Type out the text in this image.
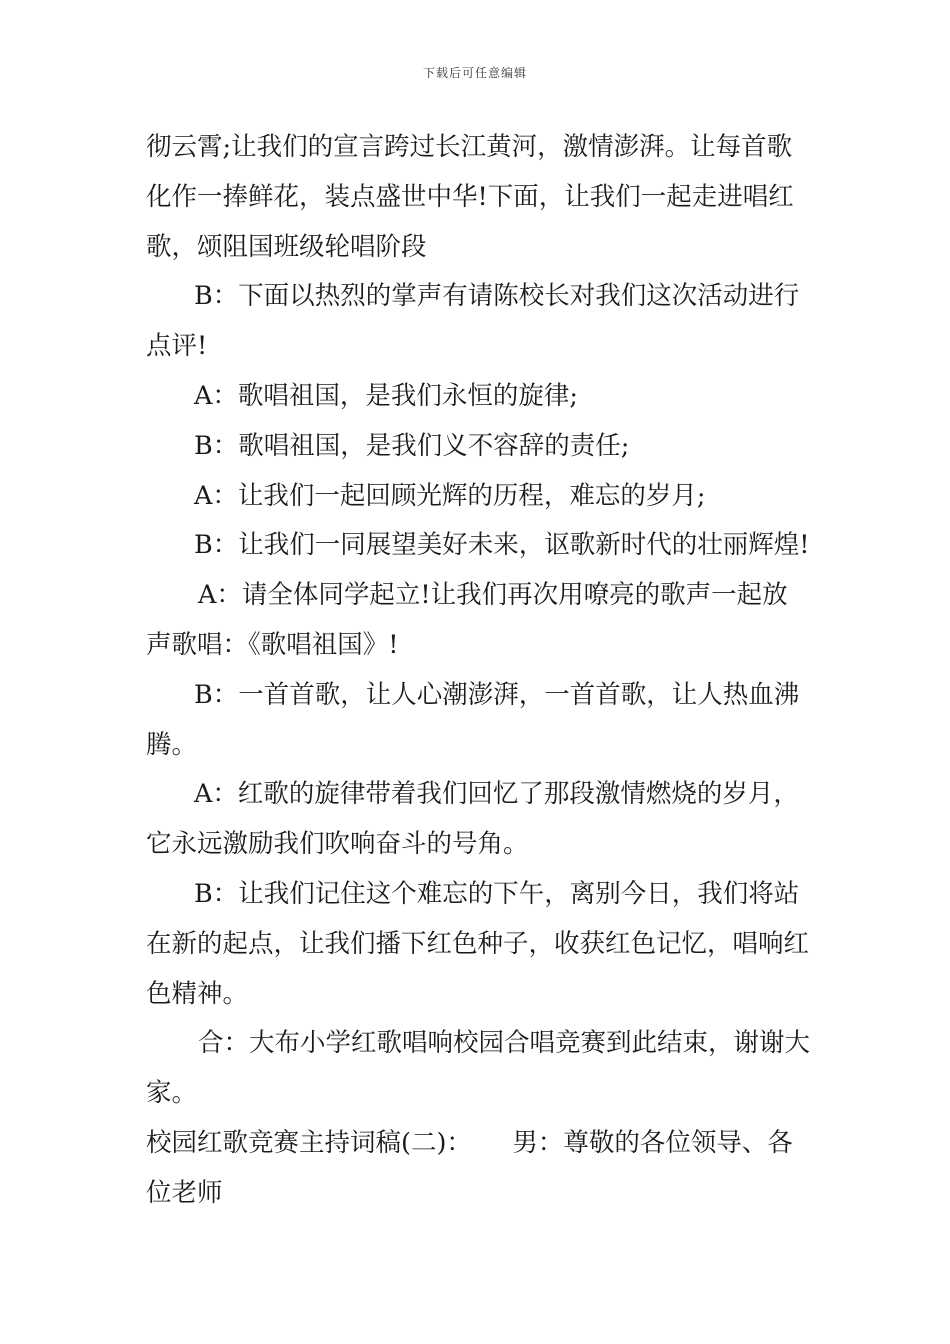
下载后可任意编辑

彻云霄;让我们的宣言跨过长江黄河，激情澎湃。让每首歌化作一捧鲜花，装点盛世中华!下面，让我们一起走进唱红歌，颂阻国班级轮唱阶段

B：下面以热烈的掌声有请陈校长对我们这次活动进行点评!

A：歌唱祖国，是我们永恒的旋律;

B：歌唱祖国，是我们义不容辞的责任;

A：让我们一起回顾光辉的历程，难忘的岁月;

B：让我们一同展望美好未来，讴歌新时代的壮丽辉煌!

A：请全体同学起立!让我们再次用嘹亮的歌声一起放声歌唱：《歌唱祖国》!

B：一首首歌，让人心潮澎湃，一首首歌，让人热血沸腾。

A：红歌的旋律带着我们回忆了那段激情燃烧的岁月，它永远激励我们吹响奋斗的号角。

B：让我们记住这个难忘的下午，离别今日，我们将站在新的起点，让我们播下红色种子，收获红色记忆，唱响红色精神。

合：大布小学红歌唱响校园合唱竞赛到此结束，谢谢大家。

校园红歌竞赛主持词稿(二)：     男：尊敬的各位领导、各位老师
